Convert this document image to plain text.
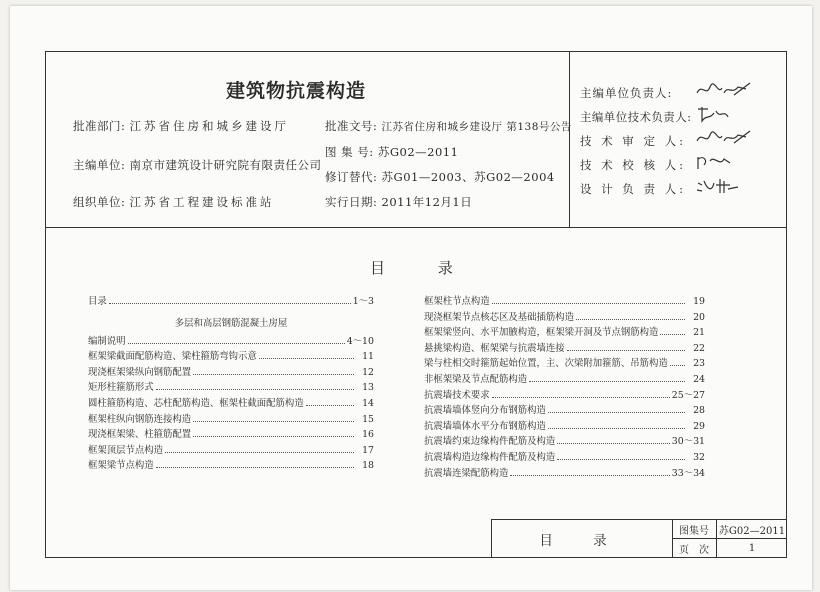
建筑物抗震构造
批准部门: 江苏省住房和城乡建设厅
主编单位: 南京市建筑设计研究院有限责任公司
组织单位: 江苏省工程建设标准站
批准文号: 江苏省住房和城乡建设厅 第138号公告
图 集 号: 苏G02—2011
修订替代: 苏G01—2003、苏G02—2004
实行日期: 2011年12月1日
主编单位负责人:
主编单位技术负责人:
技 术 审 定 人:
技 术 校 核 人:
设 计 负 责 人:
目 录
目录	1～3
多层和高层钢筋混凝土房屋
编制说明	4～10
框架梁截面配筋构造、梁柱箍筋弯钩示意	11
现浇框架梁纵向钢筋配置	12
矩形柱箍筋形式	13
圆柱箍筋构造、芯柱配筋构造、框架柱截面配筋构造	14
框架柱纵向钢筋连接构造	15
现浇框架梁、柱箍筋配置	16
框架顶层节点构造	17
框架梁节点构造	18
框架柱节点构造	19
现浇框架节点核芯区及基础插筋构造	20
框架梁竖向、水平加腋构造，框架梁开洞及节点钢筋构造	21
悬挑梁构造、框架梁与抗震墙连接	22
梁与柱相交时箍筋起始位置，主、次梁附加箍筋、吊筋构造	23
非框架梁及节点配筋构造	24
抗震墙技术要求	25～27
抗震墙墙体竖向分布钢筋构造	28
抗震墙墙体水平分布钢筋构造	29
抗震墙约束边缘构件配筋及构造	30～31
抗震墙构造边缘构件配筋及构造	32
抗震墙连梁配筋构造	33～34
目 录
图集号 苏G02—2011
页　次	1
